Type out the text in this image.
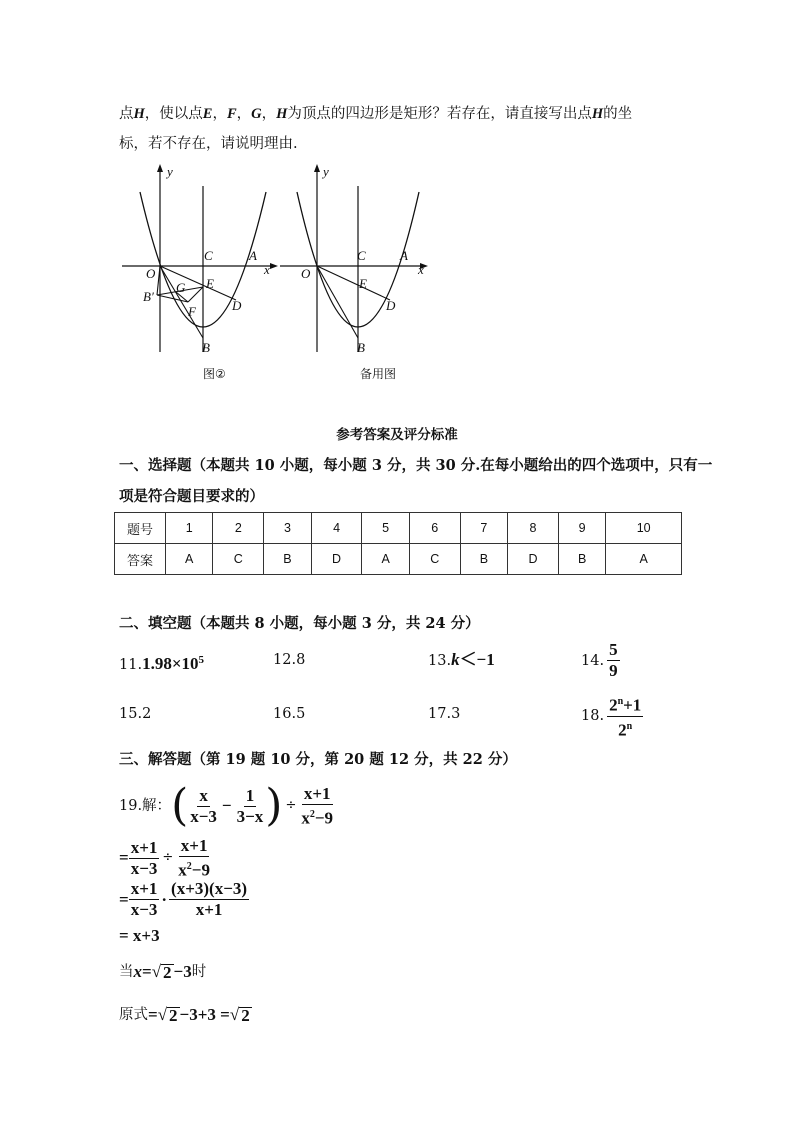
点H，使以点E，F，G，H为顶点的四边形是矩形？若存在，请直接写出点H的坐
标，若不存在，请说明理由.
y
x
O
C	A
E
G
B′
F	D
B
图②
y
x
O
C	A
E
D
B
备用图
参考答案及评分标准
一、选择题（本题共 10 小题，每小题 3 分，共 30 分.在每小题给出的四个选项中，只有一
项是符合题目要求的）
题号	1	2	3	4	5	6	7	8	9	10
答案	A	C	B	D	A	C	B	D	B	A
二、填空题（本题共 8 小题，每小题 3 分，共 24 分）
$11.1.98\times 10^5$	12.8	13.k＜−1	14. $\frac{5}{9}$
15.2	16.5	17.3	18. $\frac{2^n+1}{2^n}$
三、解答题（第 19 题 10 分，第 20 题 12 分，共 22 分）
19.解： ( $\frac{x}{x-3} - \frac{1}{3-x}$ ) ÷ $\frac{x+1}{x^2-9}$
= $\frac{x+1}{x-3} \div \frac{x+1}{x^2-9}$
= $\frac{x+1}{x-3} \cdot \frac{(x+3)(x-3)}{x+1}$
= x+3
当 x = √ 2 −3 时
原式 = √ 2 −3+3 = √ 2
